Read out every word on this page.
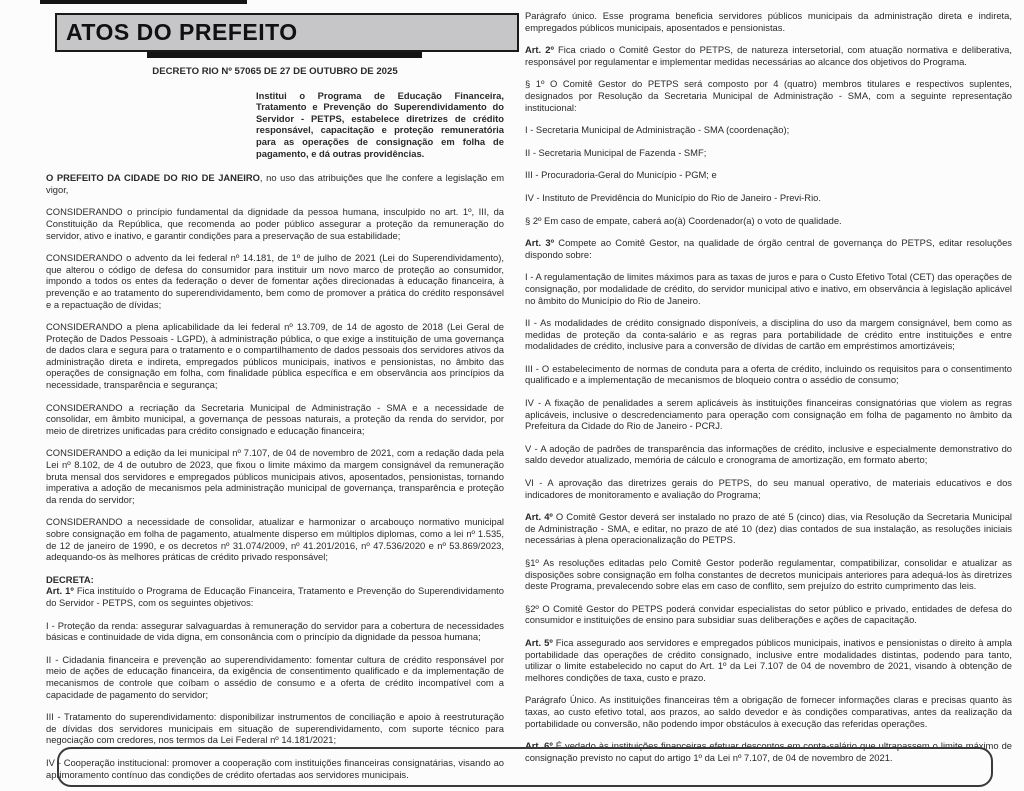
ATOS DO PREFEITO
DECRETO RIO Nº 57065 DE 27 DE OUTUBRO DE 2025
Institui o Programa de Educação Financeira, Tratamento e Prevenção do Superendividamento do Servidor - PETPS, estabelece diretrizes de crédito responsável, capacitação e proteção remuneratória para as operações de consignação em folha de pagamento, e dá outras providências.

O PREFEITO DA CIDADE DO RIO DE JANEIRO, no uso das atribuições que lhe confere a legislação em vigor,

CONSIDERANDO o princípio fundamental da dignidade da pessoa humana, insculpido no art. 1º, III, da Constituição da República, que recomenda ao poder público assegurar a proteção da remuneração do servidor, ativo e inativo, e garantir condições para a preservação de sua estabilidade;

CONSIDERANDO o advento da lei federal nº 14.181, de 1º de julho de 2021 (Lei do Superendividamento), que alterou o código de defesa do consumidor para instituir um novo marco de proteção ao consumidor, impondo a todos os entes da federação o dever de fomentar ações direcionadas à educação financeira, à prevenção e ao tratamento do superendividamento, bem como de promover a prática do crédito responsável e a repactuação de dívidas;

CONSIDERANDO a plena aplicabilidade da lei federal nº 13.709, de 14 de agosto de 2018 (Lei Geral de Proteção de Dados Pessoais - LGPD), à administração pública, o que exige a instituição de uma governança de dados clara e segura para o tratamento e o compartilhamento de dados pessoais dos servidores ativos da administração direta e indireta, empregados públicos municipais, inativos e pensionistas, no âmbito das operações de consignação em folha, com finalidade pública específica e em observância aos princípios da necessidade, transparência e segurança;

CONSIDERANDO a recriação da Secretaria Municipal de Administração - SMA e a necessidade de consolidar, em âmbito municipal, a governança de pessoas naturais, a proteção da renda do servidor, por meio de diretrizes unificadas para crédito consignado e educação financeira;

CONSIDERANDO a edição da lei municipal nº 7.107, de 04 de novembro de 2021, com a redação dada pela Lei nº 8.102, de 4 de outubro de 2023, que fixou o limite máximo da margem consignável da remuneração bruta mensal dos servidores e empregados públicos municipais ativos, aposentados, pensionistas, tornando imperativa a adoção de mecanismos pela administração municipal de governança, transparência e proteção da renda do servidor;

CONSIDERANDO a necessidade de consolidar, atualizar e harmonizar o arcabouço normativo municipal sobre consignação em folha de pagamento, atualmente disperso em múltiplos diplomas, como a lei nº 1.535, de 12 de janeiro de 1990, e os decretos nº 31.074/2009, nº 41.201/2016, nº 47.536/2020 e nº 53.869/2023, adequando-os às melhores práticas de crédito privado responsável;

DECRETA:

Art. 1º Fica instituído o Programa de Educação Financeira, Tratamento e Prevenção do Superendividamento do Servidor - PETPS, com os seguintes objetivos:

I - Proteção da renda: assegurar salvaguardas à remuneração do servidor para a cobertura de necessidades básicas e continuidade de vida digna, em consonância com o princípio da dignidade da pessoa humana;

II - Cidadania financeira e prevenção ao superendividamento: fomentar cultura de crédito responsável por meio de ações de educação financeira, da exigência de consentimento qualificado e da implementação de mecanismos de controle que coíbam o assédio de consumo e a oferta de crédito incompatível com a capacidade de pagamento do servidor;

III - Tratamento do superendividamento: disponibilizar instrumentos de conciliação e apoio à reestruturação de dívidas dos servidores municipais em situação de superendividamento, com suporte técnico para negociação com credores, nos termos da Lei Federal nº 14.181/2021;

IV - Cooperação institucional: promover a cooperação com instituições financeiras consignatárias, visando ao aprimoramento contínuo das condições de crédito ofertadas aos servidores municipais.

Parágrafo único. Esse programa beneficia servidores públicos municipais da administração direta e indireta, empregados públicos municipais, aposentados e pensionistas.

Art. 2º Fica criado o Comitê Gestor do PETPS, de natureza intersetorial, com atuação normativa e deliberativa, responsável por regulamentar e implementar medidas necessárias ao alcance dos objetivos do Programa.

§ 1º O Comitê Gestor do PETPS será composto por 4 (quatro) membros titulares e respectivos suplentes, designados por Resolução da Secretaria Municipal de Administração - SMA, com a seguinte representação institucional:

I - Secretaria Municipal de Administração - SMA (coordenação);

II - Secretaria Municipal de Fazenda - SMF;

III - Procuradoria-Geral do Município - PGM; e

IV - Instituto de Previdência do Município do Rio de Janeiro - Previ-Rio.

§ 2º Em caso de empate, caberá ao(à) Coordenador(a) o voto de qualidade.

Art. 3º Compete ao Comitê Gestor, na qualidade de órgão central de governança do PETPS, editar resoluções dispondo sobre:

I - A regulamentação de limites máximos para as taxas de juros e para o Custo Efetivo Total (CET) das operações de consignação, por modalidade de crédito, do servidor municipal ativo e inativo, em observância à legislação aplicável no âmbito do Município do Rio de Janeiro.

II - As modalidades de crédito consignado disponíveis, a disciplina do uso da margem consignável, bem como as medidas de proteção da conta-salário e as regras para portabilidade de crédito entre instituições e entre modalidades de crédito, inclusive para a conversão de dívidas de cartão em empréstimos amortizáveis;

III - O estabelecimento de normas de conduta para a oferta de crédito, incluindo os requisitos para o consentimento qualificado e a implementação de mecanismos de bloqueio contra o assédio de consumo;

IV - A fixação de penalidades a serem aplicáveis às instituições financeiras consignatórias que violem as regras aplicáveis, inclusive o descredenciamento para operação com consignação em folha de pagamento no âmbito da Prefeitura da Cidade do Rio de Janeiro - PCRJ.

V - A adoção de padrões de transparência das informações de crédito, inclusive e especialmente demonstrativo do saldo devedor atualizado, memória de cálculo e cronograma de amortização, em formato aberto;

VI - A aprovação das diretrizes gerais do PETPS, do seu manual operativo, de materiais educativos e dos indicadores de monitoramento e avaliação do Programa;

Art. 4º O Comitê Gestor deverá ser instalado no prazo de até 5 (cinco) dias, via Resolução da Secretaria Municipal de Administração - SMA, e editar, no prazo de até 10 (dez) dias contados de sua instalação, as resoluções iniciais necessárias à plena operacionalização do PETPS.

§1º As resoluções editadas pelo Comitê Gestor poderão regulamentar, compatibilizar, consolidar e atualizar as disposições sobre consignação em folha constantes de decretos municipais anteriores para adequá-los às diretrizes deste Programa, prevalecendo sobre elas em caso de conflito, sem prejuízo do estrito cumprimento das leis.

§2º O Comitê Gestor do PETPS poderá convidar especialistas do setor público e privado, entidades de defesa do consumidor e instituições de ensino para subsidiar suas deliberações e ações de capacitação.

Art. 5º Fica assegurado aos servidores e empregados públicos municipais, inativos e pensionistas o direito à ampla portabilidade das operações de crédito consignado, inclusive entre modalidades distintas, podendo para tanto, utilizar o limite estabelecido no caput do Art. 1º da Lei 7.107 de 04 de novembro de 2021, visando à obtenção de melhores condições de taxa, custo e prazo.

Parágrafo Único. As instituições financeiras têm a obrigação de fornecer informações claras e precisas quanto às taxas, ao custo efetivo total, aos prazos, ao saldo devedor e às condições comparativas, antes da realização da portabilidade ou conversão, não podendo impor obstáculos à execução das referidas operações.

Art. 6º É vedado às instituições financeiras efetuar descontos em conta-salário que ultrapassem o limite máximo de consignação previsto no caput do artigo 1º da Lei nº 7.107, de 04 de novembro de 2021.
